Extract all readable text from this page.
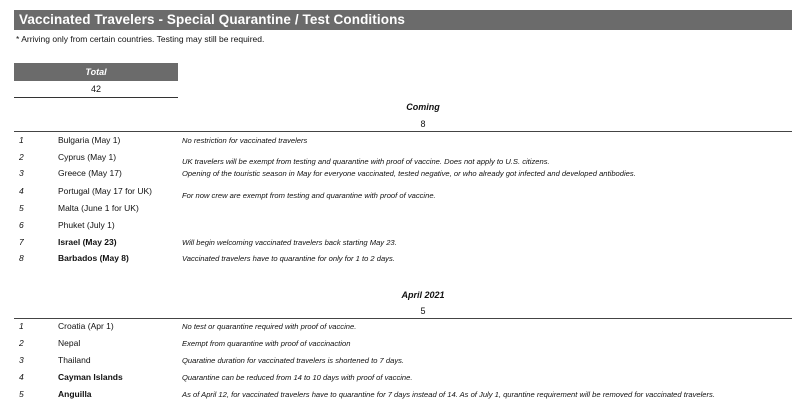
Vaccinated Travelers - Special Quarantine / Test Conditions
* Arriving only from certain countries. Testing may still be required.
Total
42
Coming
8
1	Bulgaria (May 1)	No restriction for vaccinated travelers
2	Cyprus (May 1)	UK travelers will be exempt from testing and quarantine with proof of vaccine. Does not apply to U.S. citizens.
3	Greece (May 17)	Opening of the touristic season in May for everyone vaccinated, tested negative, or who already got infected and developed antibodies.
4	Portugal (May 17 for UK)	For now crew are exempt from testing and quarantine with proof of vaccine.
5	Malta (June 1 for UK)
6	Phuket (July 1)
7	Israel (May 23)	Will begin welcoming vaccinated travelers back starting May 23.
8	Barbados (May 8)	Vaccinated travelers have to quarantine for only for 1 to 2 days.
April 2021
5
1	Croatia (Apr 1)	No test or quarantine required with proof of vaccine.
2	Nepal	Exempt from quarantine with proof of vaccinaction
3	Thailand	Quaratine duration for vaccinated travelers is shortened to 7 days.
4	Cayman Islands	Quarantine can be reduced from 14 to 10 days with proof of vaccine.
5	Anguilla	As of April 12, for vaccinated travelers have to quarantine for 7 days instead of 14. As of July 1, qurantine requirement will be removed for vaccinated travelers.
